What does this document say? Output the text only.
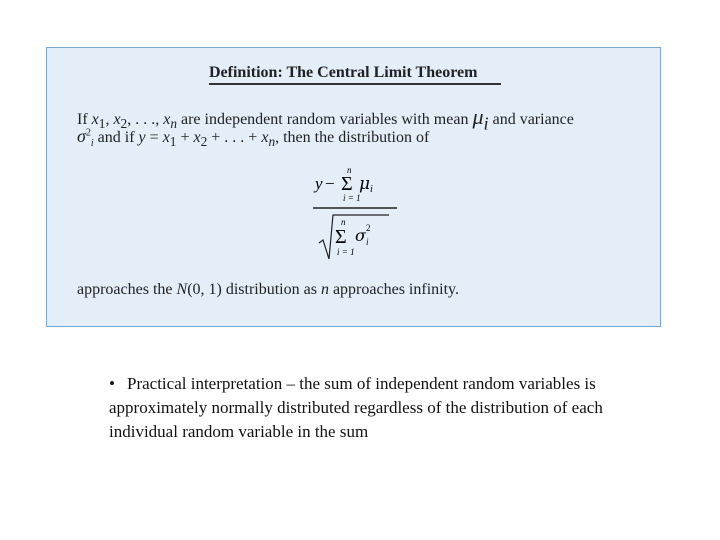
Definition: The Central Limit Theorem
If $x_1$, $x_2$, . . ., $x_n$ are independent random variables with mean $\mu_i$ and variance
$\sigma^2_i$ and if $y = x_1 + x_2$ + . . . + $x_n$, then the distribution of
y −
n
Σ
i = 1
μ i
n
Σ
i = 1
σ 2
i
approaches the N(0, 1) distribution as n approaches infinity.
• Practical interpretation – the sum of independent random variables is approximately normally distributed regardless of the distribution of each individual random variable in the sum
